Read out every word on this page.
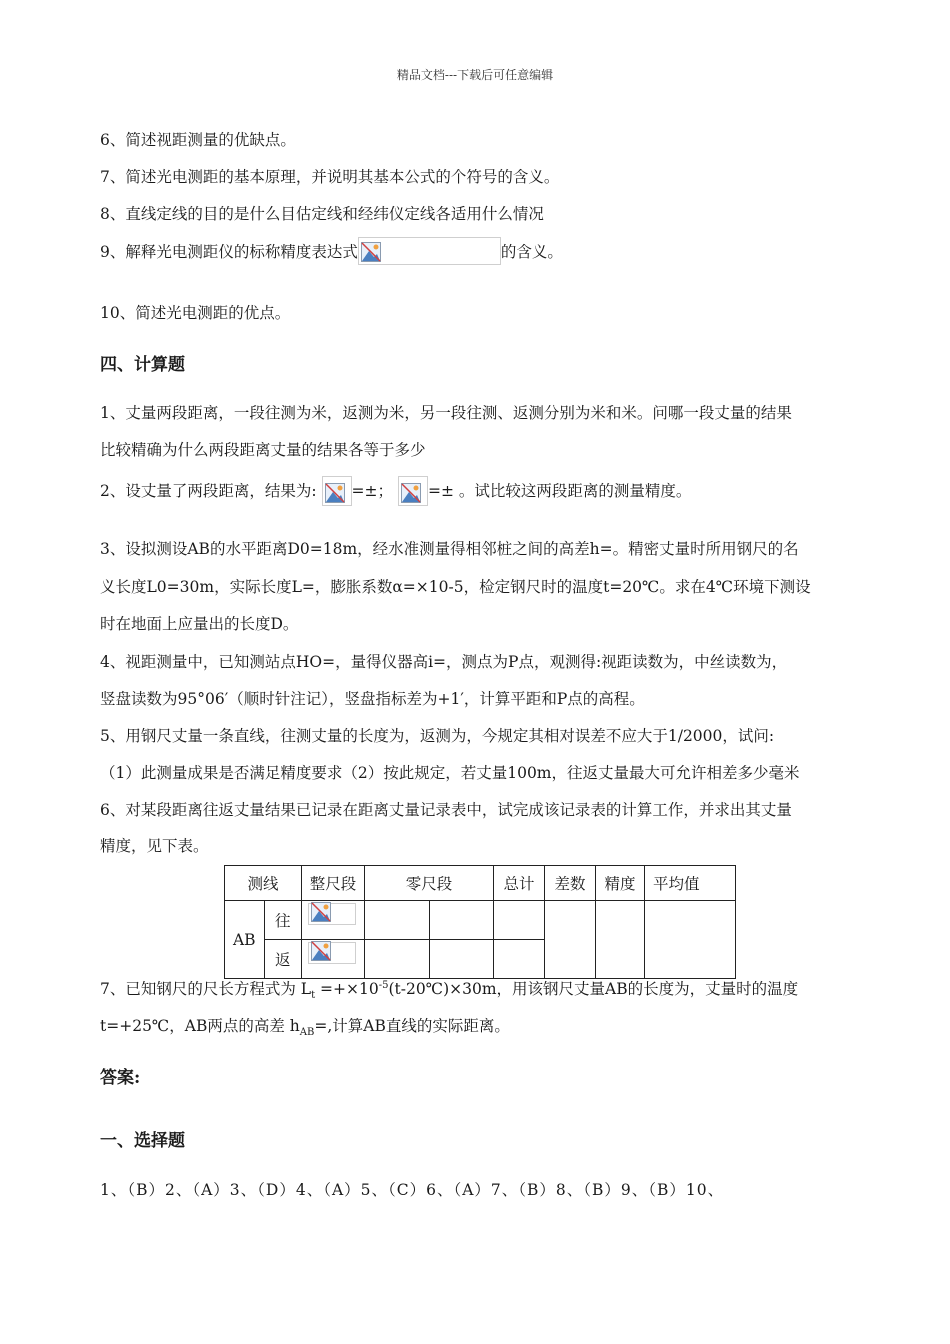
精品文档---下载后可任意编辑
6、简述视距测量的优缺点。
7、简述光电测距的基本原理，并说明其基本公式的个符号的含义。
8、直线定线的目的是什么目估定线和经纬仪定线各适用什么情况
9、解释光电测距仪的标称精度表达式	的含义。
10、简述光电测距的优点。
四、计算题
1、丈量两段距离，一段往测为米，返测为米，另一段往测、返测分别为米和米。问哪一段丈量的结果
比较精确为什么两段距离丈量的结果各等于多少
2、设丈量了两段距离，结果为: =±； =± 。试比较这两段距离的测量精度。
3、设拟测设AB的水平距离D0=18m，经水准测量得相邻桩之间的高差h=。精密丈量时所用钢尺的名
义长度L0=30m，实际长度L=，膨胀系数α=×10-5，检定钢尺时的温度t=20℃。求在4℃环境下测设
时在地面上应量出的长度D。
4、视距测量中，已知测站点HO=，量得仪器高i=，测点为P点，观测得:视距读数为，中丝读数为，
竖盘读数为95°06′（顺时针注记），竖盘指标差为+1′，计算平距和P点的高程。
5、用钢尺丈量一条直线，往测丈量的长度为，返测为，今规定其相对误差不应大于1/2000，试问:
（1）此测量成果是否满足精度要求（2）按此规定，若丈量100m，往返丈量最大可允许相差多少毫米
6、对某段距离往返丈量结果已记录在距离丈量记录表中，试完成该记录表的计算工作，并求出其丈量
精度，见下表。
测线		整尺段	零尺段		总计	差数	精度	平均值
AB	往	

	返	

7、已知钢尺的尺长方程式为 $L_t$ $=+\times 10^{-5}(t-20℃)\times 30m$，用该钢尺丈量AB的长度为，丈量时的温度
t=+25℃，AB两点的高差 $h_{AB}=$,计算AB直线的实际距离。
答案:
一、选择题
1、（B）2、（A）3、（D）4、（A）5、（C）6、（A）7、（B）8、（B）9、（B）10、
